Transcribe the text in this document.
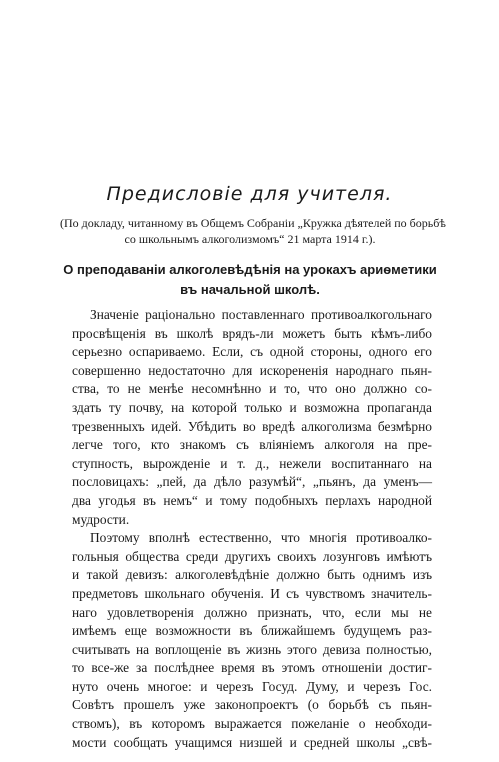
Предисловіе для учителя.
(По докладу, читанному въ Общемъ Собраніи „Кружка дѣятелей по борьбѣ
со школьнымъ алкоголизмомъ“ 21 марта 1914 г.).
О преподаваніи алкоголевѣдѣнія на урокахъ ариѳметики
въ начальной школѣ.
Значеніе раціонально поставленнаго противоалкогольнаго
просвѣщенія въ школѣ врядъ-ли можетъ быть кѣмъ-либо
серьезно оспариваемо. Если, съ одной стороны, одного его
совершенно недостаточно для искорененія народнаго пьян-
ства, то не менѣе несомнѣнно и то, что оно должно со-
здать ту почву, на которой только и возможна пропаганда
трезвенныхъ идей. Убѣдить во вредѣ алкоголизма безмѣрно
легче того, кто знакомъ съ вліяніемъ алкоголя на пре-
ступность, вырожденіе и т. д., нежели воспитаннаго на
пословицахъ: „пей, да дѣло разумѣй“, „пьянъ, да уменъ—
два угодья въ немъ“ и тому подобныхъ перлахъ народной
мудрости.
Поэтому вполнѣ естественно, что многія противоалко-
гольныя общества среди другихъ своихъ лозунговъ имѣютъ
и такой девизъ: алкоголевѣдѣніе должно быть однимъ изъ
предметовъ школьнаго обученія. И съ чувствомъ значитель-
наго удовлетворенія должно признать, что, если мы не
имѣемъ еще возможности въ ближайшемъ будущемъ раз-
считывать на воплощеніе въ жизнь этого девиза полностью,
то все-же за послѣднее время въ этомъ отношеніи достиг-
нуто очень многое: и черезъ Госуд. Думу, и черезъ Гос.
Совѣтъ прошелъ уже законопроектъ (о борьбѣ съ пьян-
ствомъ), въ которомъ выражается пожеланіе о необходи-
мости сообщать учащимся низшей и средней школы „свѣ-
